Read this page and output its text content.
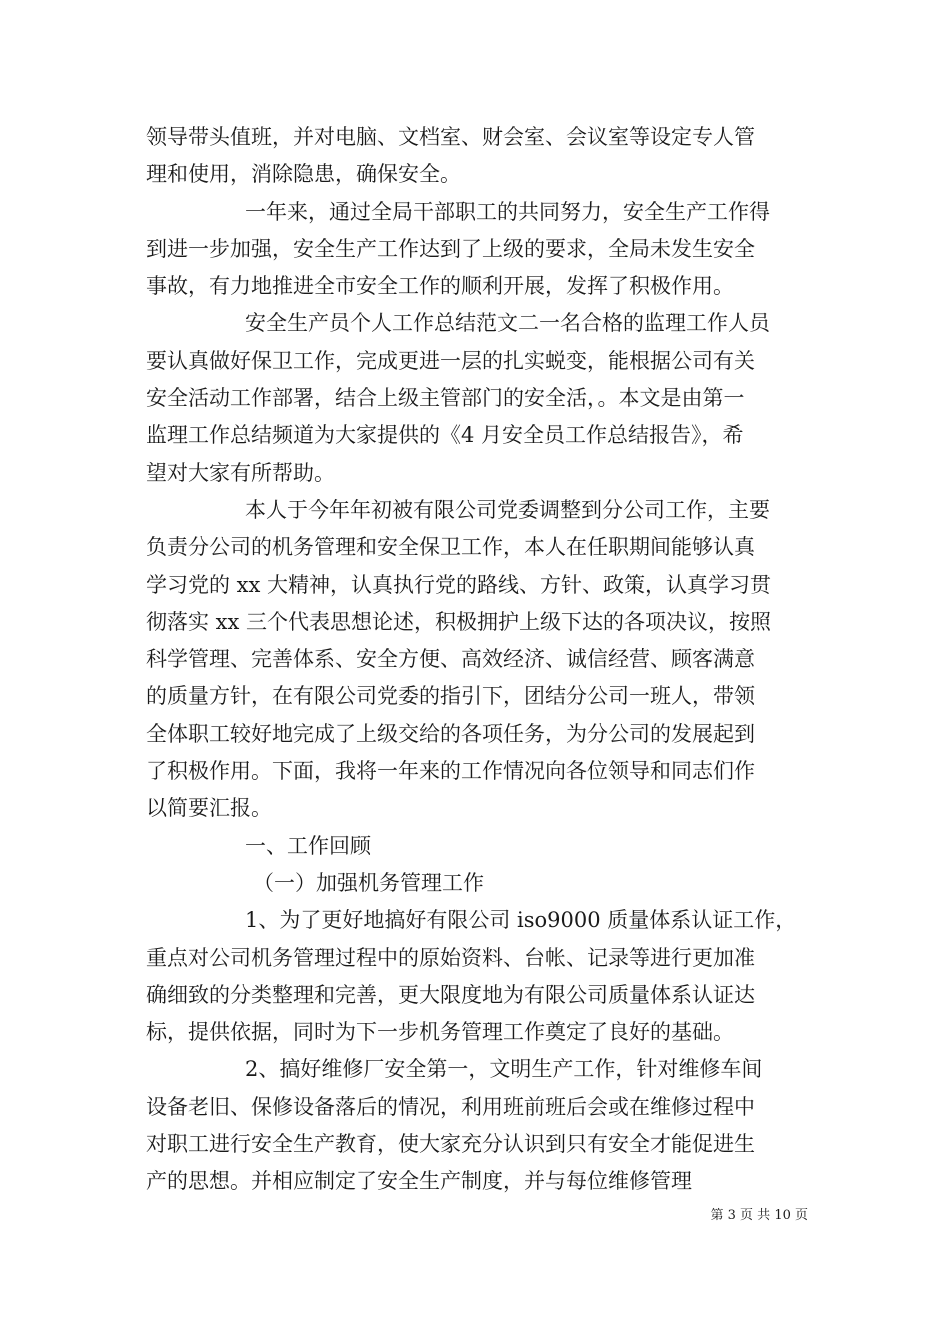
领导带头值班，并对电脑、文档室、财会室、会议室等设定专人管
理和使用，消除隐患，确保安全。
一年来，通过全局干部职工的共同努力，安全生产工作得
到进一步加强，安全生产工作达到了上级的要求，全局未发生安全
事故，有力地推进全市安全工作的顺利开展，发挥了积极作用。
安全生产员个人工作总结范文二一名合格的监理工作人员
要认真做好保卫工作，完成更进一层的扎实蜕变，能根据公司有关
安全活动工作部署，结合上级主管部门的安全活，。本文是由第一
监理工作总结频道为大家提供的《4 月安全员工作总结报告》，希
望对大家有所帮助。
本人于今年年初被有限公司党委调整到分公司工作，主要
负责分公司的机务管理和安全保卫工作，本人在任职期间能够认真
学习党的 xx 大精神，认真执行党的路线、方针、政策，认真学习贯
彻落实 xx 三个代表思想论述，积极拥护上级下达的各项决议，按照
科学管理、完善体系、安全方便、高效经济、诚信经营、顾客满意
的质量方针，在有限公司党委的指引下，团结分公司一班人，带领
全体职工较好地完成了上级交给的各项任务，为分公司的发展起到
了积极作用。下面，我将一年来的工作情况向各位领导和同志们作
以简要汇报。
一、工作回顾
（一）加强机务管理工作
1、为了更好地搞好有限公司 iso9000 质量体系认证工作，
重点对公司机务管理过程中的原始资料、台帐、记录等进行更加准
确细致的分类整理和完善，更大限度地为有限公司质量体系认证达
标，提供依据，同时为下一步机务管理工作奠定了良好的基础。
2、搞好维修厂安全第一，文明生产工作，针对维修车间
设备老旧、保修设备落后的情况，利用班前班后会或在维修过程中
对职工进行安全生产教育，使大家充分认识到只有安全才能促进生
产的思想。并相应制定了安全生产制度，并与每位维修管理
第 3 页 共 10 页
